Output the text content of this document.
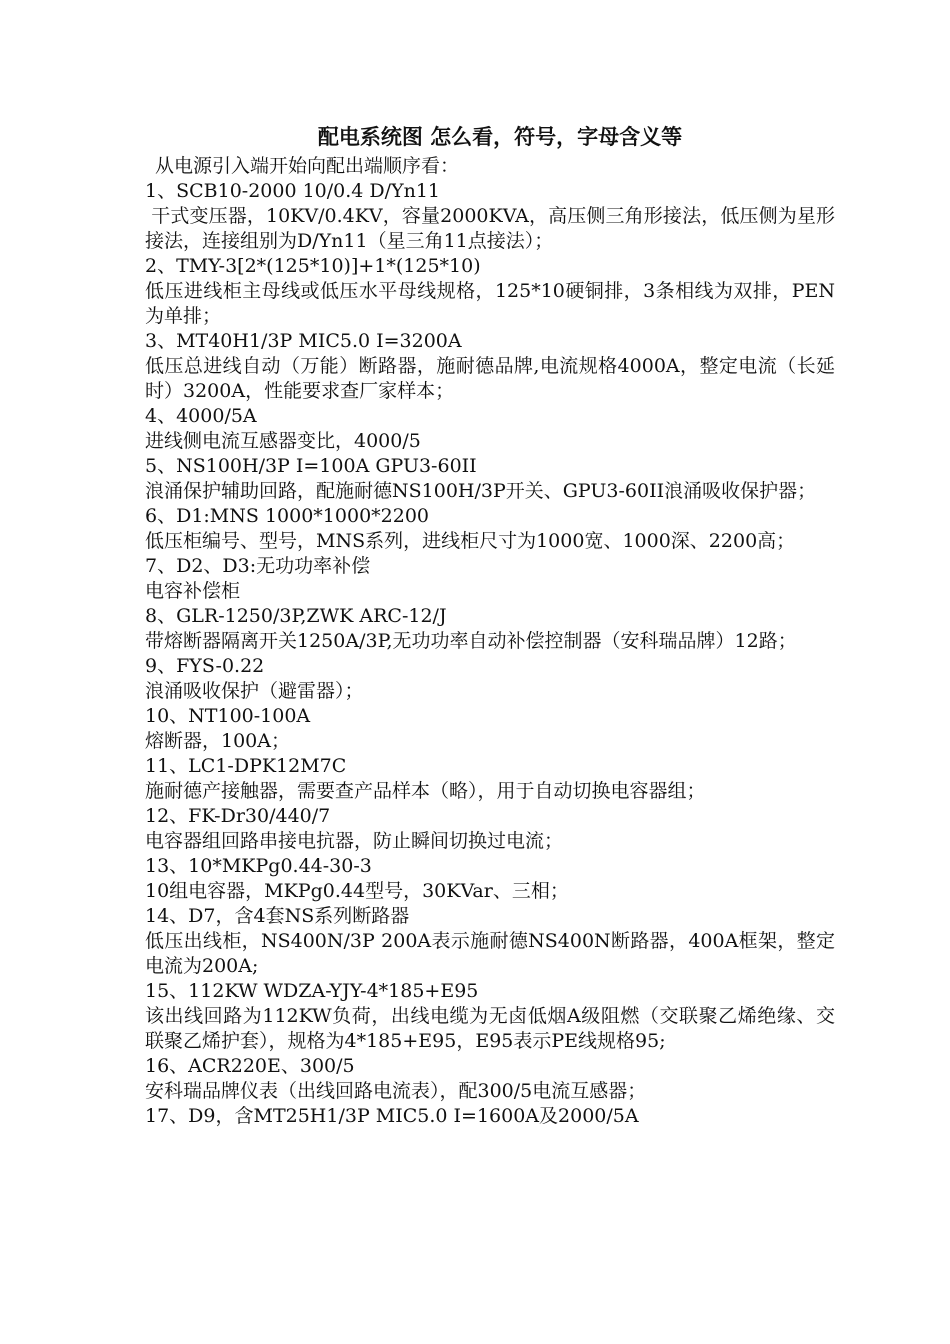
配电系统图 怎么看，符号，字母含义等

从电源引入端开始向配出端顺序看：

1、SCB10-2000 10/0.4 D/Yn11

干式变压器，10KV/0.4KV，容量2000KVA，高压侧三角形接法，低压侧为星形接法，连接组别为D/Yn11（星三角11点接法）；

2、TMY-3[2*(125*10)]+1*(125*10)

低压进线柜主母线或低压水平母线规格，125*10硬铜排，3条相线为双排，PEN为单排；

3、MT40H1/3P MIC5.0 I=3200A

低压总进线自动（万能）断路器，施耐德品牌,电流规格4000A，整定电流（长延时）3200A，性能要求查厂家样本；

4、4000/5A

进线侧电流互感器变比，4000/5

5、NS100H/3P I=100A GPU3-60II

浪涌保护辅助回路，配施耐德NS100H/3P开关、GPU3-60II浪涌吸收保护器；

6、D1:MNS 1000*1000*2200

低压柜编号、型号，MNS系列，进线柜尺寸为1000宽、1000深、2200高；

7、D2、D3:无功功率补偿

电容补偿柜

8、GLR-1250/3P,ZWK ARC-12/J

带熔断器隔离开关1250A/3P,无功功率自动补偿控制器（安科瑞品牌）12路；

9、FYS-0.22

浪涌吸收保护（避雷器）；

10、NT100-100A

熔断器，100A；

11、LC1-DPK12M7C

施耐德产接触器，需要查产品样本（略），用于自动切换电容器组；

12、FK-Dr30/440/7

电容器组回路串接电抗器，防止瞬间切换过电流；

13、10*MKPg0.44-30-3

10组电容器，MKPg0.44型号，30KVar、三相；

14、D7，含4套NS系列断路器

低压出线柜，NS400N/3P 200A表示施耐德NS400N断路器，400A框架，整定电流为200A;

15、112KW WDZA-YJY-4*185+E95

该出线回路为112KW负荷，出线电缆为无卤低烟A级阻燃（交联聚乙烯绝缘、交联聚乙烯护套），规格为4*185+E95，E95表示PE线规格95;

16、ACR220E、300/5

安科瑞品牌仪表（出线回路电流表），配300/5电流互感器；

17、D9，含MT25H1/3P MIC5.0 I=1600A及2000/5A
